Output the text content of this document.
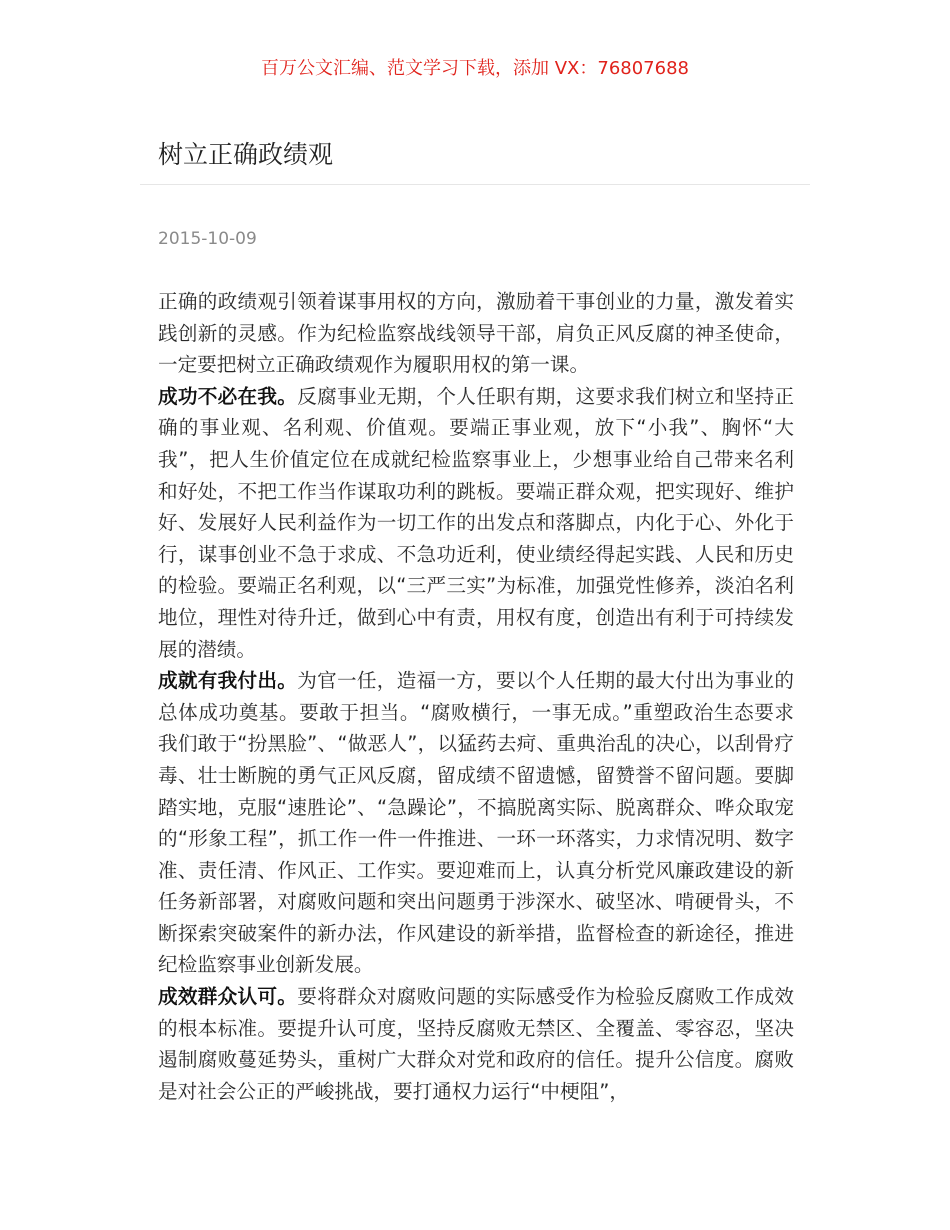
百万公文汇编、范文学习下载，添加 VX：76807688
树立正确政绩观
2015-10-09

正确的政绩观引领着谋事用权的方向，激励着干事创业的力量，激发着实践创新的灵感。作为纪检监察战线领导干部，肩负正风反腐的神圣使命，一定要把树立正确政绩观作为履职用权的第一课。

成功不必在我。反腐事业无期，个人任职有期，这要求我们树立和坚持正确的事业观、名利观、价值观。要端正事业观，放下“小我”、胸怀“大我”，把人生价值定位在成就纪检监察事业上，少想事业给自己带来名利和好处，不把工作当作谋取功利的跳板。要端正群众观，把实现好、维护好、发展好人民利益作为一切工作的出发点和落脚点，内化于心、外化于行，谋事创业不急于求成、不急功近利，使业绩经得起实践、人民和历史的检验。要端正名利观，以“三严三实”为标准，加强党性修养，淡泊名利地位，理性对待升迁，做到心中有责，用权有度，创造出有利于可持续发展的潜绩。

成就有我付出。为官一任，造福一方，要以个人任期的最大付出为事业的总体成功奠基。要敢于担当。“腐败横行，一事无成。”重塑政治生态要求我们敢于“扮黑脸”、“做恶人”，以猛药去疴、重典治乱的决心，以刮骨疗毒、壮士断腕的勇气正风反腐，留成绩不留遗憾，留赞誉不留问题。要脚踏实地，克服“速胜论”、“急躁论”，不搞脱离实际、脱离群众、哗众取宠的“形象工程”，抓工作一件一件推进、一环一环落实，力求情况明、数字准、责任清、作风正、工作实。要迎难而上，认真分析党风廉政建设的新任务新部署，对腐败问题和突出问题勇于涉深水、破坚冰、啃硬骨头，不断探索突破案件的新办法，作风建设的新举措，监督检查的新途径，推进纪检监察事业创新发展。

成效群众认可。要将群众对腐败问题的实际感受作为检验反腐败工作成效的根本标准。要提升认可度，坚持反腐败无禁区、全覆盖、零容忍，坚决遏制腐败蔓延势头，重树广大群众对党和政府的信任。提升公信度。腐败是对社会公正的严峻挑战，要打通权力运行“中梗阻”，
